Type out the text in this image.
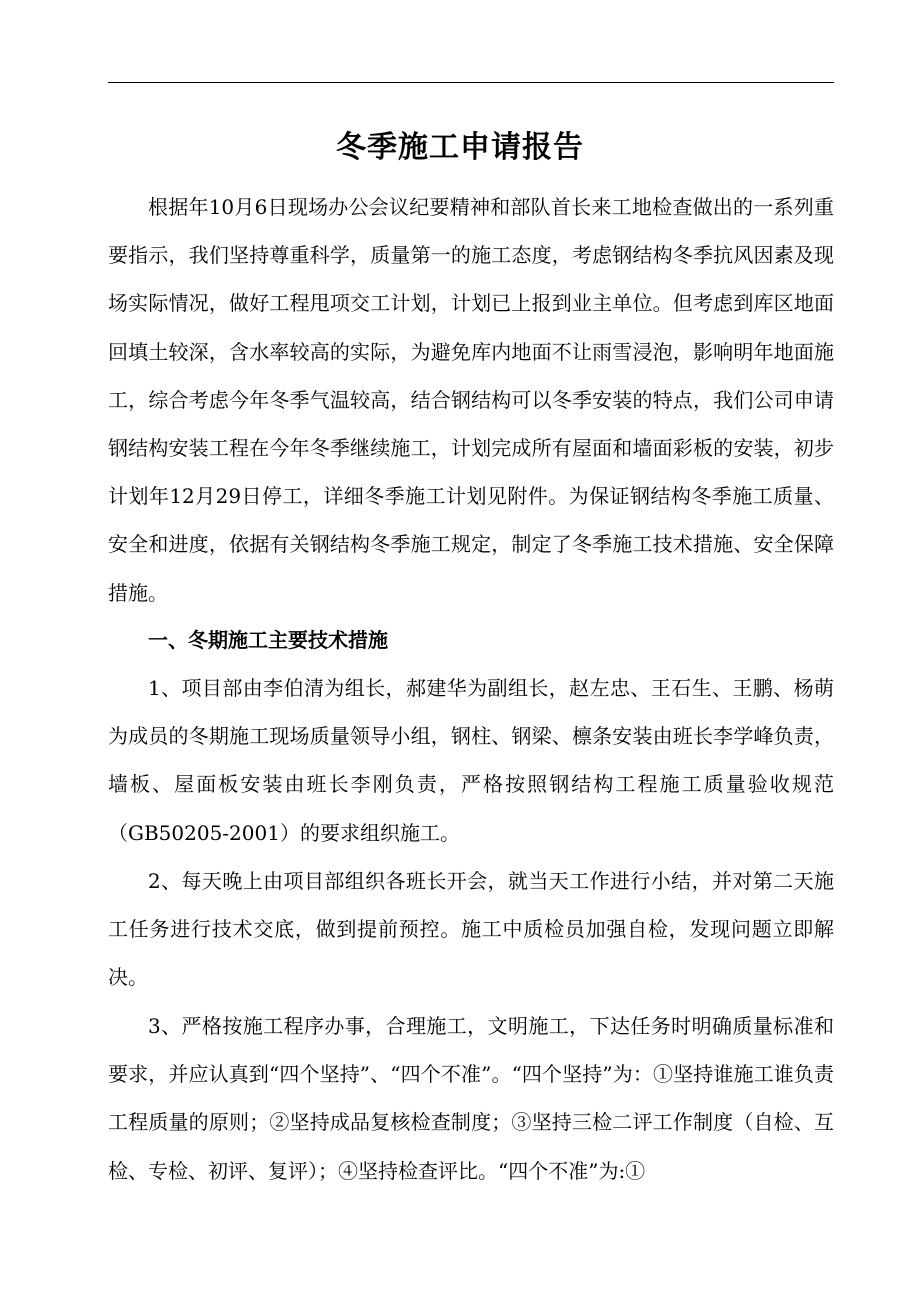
冬季施工申请报告

根据年10月6日现场办公会议纪要精神和部队首长来工地检查做出的一系列重要指示，我们坚持尊重科学，质量第一的施工态度，考虑钢结构冬季抗风因素及现场实际情况，做好工程甩项交工计划，计划已上报到业主单位。但考虑到库区地面回填土较深，含水率较高的实际，为避免库内地面不让雨雪浸泡，影响明年地面施工，综合考虑今年冬季气温较高，结合钢结构可以冬季安装的特点，我们公司申请钢结构安装工程在今年冬季继续施工，计划完成所有屋面和墙面彩板的安装，初步计划年12月29日停工，详细冬季施工计划见附件。为保证钢结构冬季施工质量、安全和进度，依据有关钢结构冬季施工规定，制定了冬季施工技术措施、安全保障措施。

一、冬期施工主要技术措施

1、项目部由李伯清为组长，郝建华为副组长，赵左忠、王石生、王鹏、杨萌为成员的冬期施工现场质量领导小组，钢柱、钢梁、檩条安装由班长李学峰负责，墙板、屋面板安装由班长李刚负责，严格按照钢结构工程施工质量验收规范（GB50205-2001）的要求组织施工。

2、每天晚上由项目部组织各班长开会，就当天工作进行小结，并对第二天施工任务进行技术交底，做到提前预控。施工中质检员加强自检，发现问题立即解决。

3、严格按施工程序办事，合理施工，文明施工，下达任务时明确质量标准和要求，并应认真到“四个坚持”、“四个不准”。“四个坚持”为：①坚持谁施工谁负责工程质量的原则；②坚持成品复核检查制度；③坚持三检二评工作制度（自检、互检、专检、初评、复评）；④坚持检查评比。“四个不准”为:①
